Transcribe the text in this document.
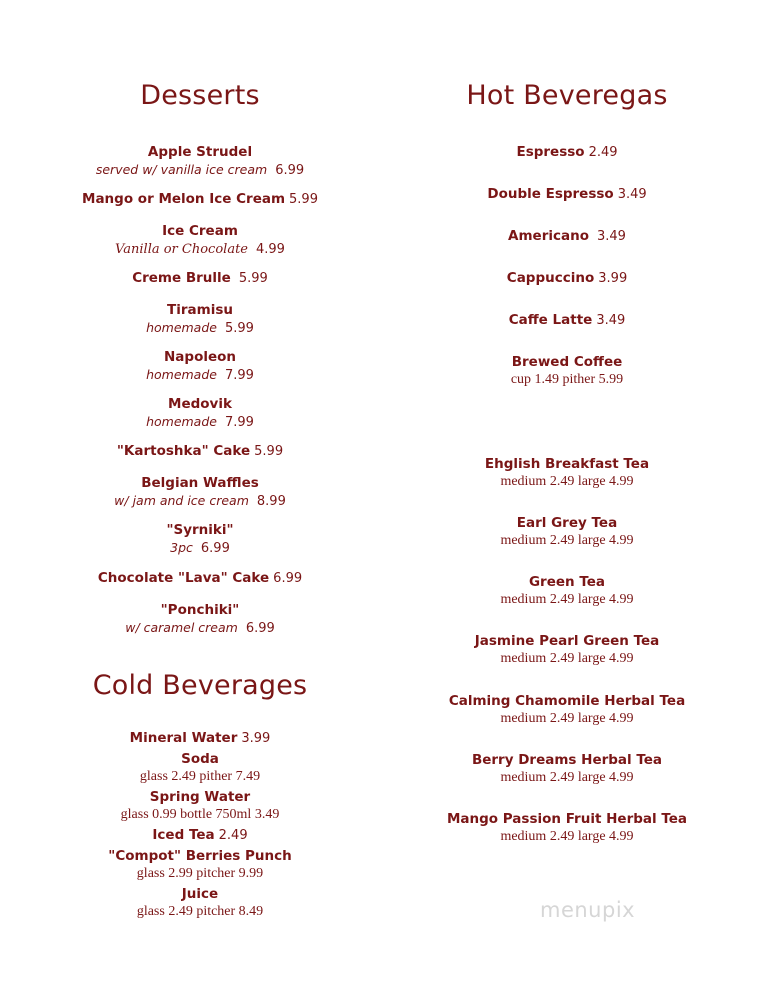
Desserts
Apple Strudel
served w/ vanilla ice cream 6.99
Mango or Melon Ice Cream 5.99
Ice Cream
Vanilla or Chocolate 4.99
Creme Brulle 5.99
Tiramisu
homemade 5.99
Napoleon
homemade 7.99
Medovik
homemade 7.99
"Kartoshka" Cake 5.99
Belgian Waffles
w/ jam and ice cream 8.99
"Syrniki"
3pc 6.99
Chocolate "Lava" Cake 6.99
"Ponchiki"
w/ caramel cream 6.99
Cold Beverages
Mineral Water 3.99
Soda
glass 2.49 pither 7.49
Spring Water
glass 0.99 bottle 750ml 3.49
Iced Tea 2.49
"Compot" Berries Punch
glass 2.99 pitcher 9.99
Juice
glass 2.49 pitcher 8.49
Hot Beveregas
Espresso 2.49
Double Espresso 3.49
Americano 3.49
Cappuccino 3.99
Caffe Latte 3.49
Brewed Coffee
cup 1.49 pither 5.99
Ehglish Breakfast Tea
medium 2.49 large 4.99
Earl Grey Tea
medium 2.49 large 4.99
Green Tea
medium 2.49 large 4.99
Jasmine Pearl Green Tea
medium 2.49 large 4.99
Calming Chamomile Herbal Tea
medium 2.49 large 4.99
Berry Dreams Herbal Tea
medium 2.49 large 4.99
Mango Passion Fruit Herbal Tea
medium 2.49 large 4.99
menupix
